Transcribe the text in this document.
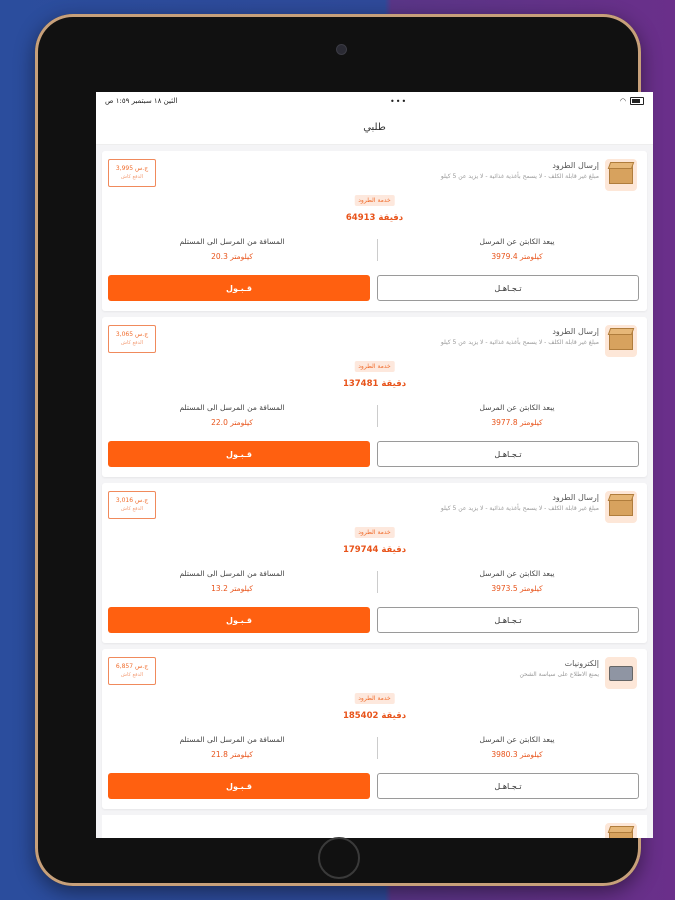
الثين ١٨ سبتمبر ١:٥٩ ص	•••	◠
طلبي
إرسال الطرود
مبلغ غير قابلة الكلف - لا يسمح بأغذية غذائية - لا يزيد عن 5 كيلو
ج.س 3,995
الدفع كاش
خدمة الطرود
64913 دقيقة
يبعد الكابتن عن المرسل
3979.4 كيلومتر
المسافة من المرسل الى المستلم
20.3 كيلومتر
تـجـاهـل
قـبـول
إرسال الطرود
مبلغ غير قابلة الكلف - لا يسمح بأغذية غذائية - لا يزيد عن 5 كيلو
ج.س 3,065
الدفع كاش
خدمة الطرود
137481 دقيقة
يبعد الكابتن عن المرسل
3977.8 كيلومتر
المسافة من المرسل الى المستلم
22.0 كيلومتر
تـجـاهـل
قـبـول
إرسال الطرود
مبلغ غير قابلة الكلف - لا يسمح بأغذية غذائية - لا يزيد عن 5 كيلو
ج.س 3,016
الدفع كاش
خدمة الطرود
179744 دقيقة
يبعد الكابتن عن المرسل
3973.5 كيلومتر
المسافة من المرسل الى المستلم
13.2 كيلومتر
تـجـاهـل
قـبـول
إلكترونيات
يمنع الاطلاع على سياسة الشحن
ج.س 6,857
الدفع كاش
خدمة الطرود
185402 دقيقة
يبعد الكابتن عن المرسل
3980.3 كيلومتر
المسافة من المرسل الى المستلم
21.8 كيلومتر
تـجـاهـل
قـبـول
